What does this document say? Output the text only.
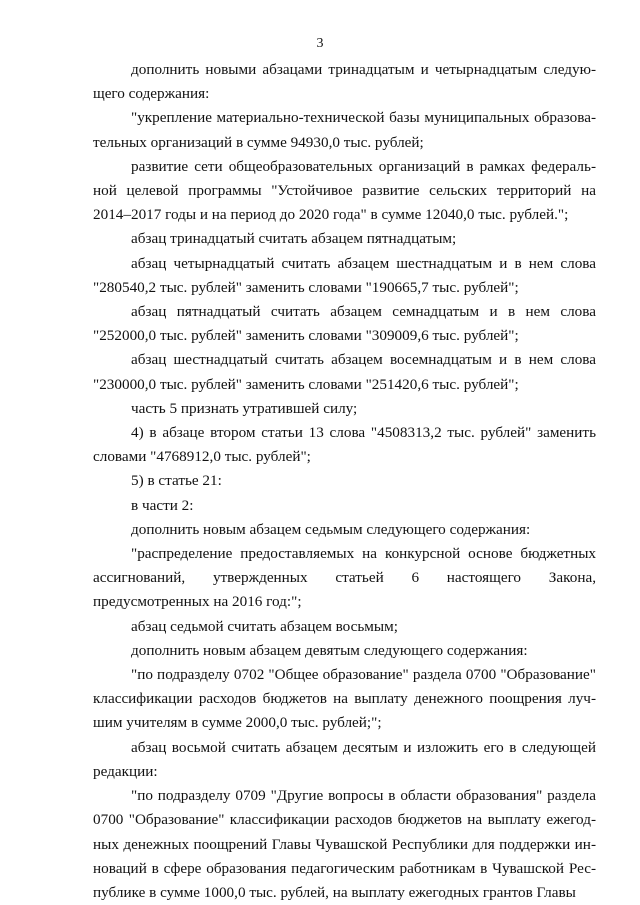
3

дополнить новыми абзацами тринадцатым и четырнадцатым следующего содержания:

"укрепление материально-технической базы муниципальных образовательных организаций в сумме 94930,0 тыс. рублей;

развитие сети общеобразовательных организаций в рамках федеральной целевой программы "Устойчивое развитие сельских территорий на 2014–2017 годы и на период до 2020 года" в сумме 12040,0 тыс. рублей.";

абзац тринадцатый считать абзацем пятнадцатым;

абзац четырнадцатый считать абзацем шестнадцатым и в нем слова "280540,2 тыс. рублей" заменить словами "190665,7 тыс. рублей";

абзац пятнадцатый считать абзацем семнадцатым и в нем слова "252000,0 тыс. рублей" заменить словами "309009,6 тыс. рублей";

абзац шестнадцатый считать абзацем восемнадцатым и в нем слова "230000,0 тыс. рублей" заменить словами "251420,6 тыс. рублей";

часть 5 признать утратившей силу;

4) в абзаце втором статьи 13 слова "4508313,2 тыс. рублей" заменить словами "4768912,0 тыс. рублей";

5) в статье 21:

в части 2:

дополнить новым абзацем седьмым следующего содержания:

"распределение предоставляемых на конкурсной основе бюджетных ассигнований, утвержденных статьей 6 настоящего Закона, предусмотренных на 2016 год:";

абзац седьмой считать абзацем восьмым;

дополнить новым абзацем девятым следующего содержания:

"по подразделу 0702 "Общее образование" раздела 0700 "Образование" классификации расходов бюджетов на выплату денежного поощрения лучшим учителям в сумме 2000,0 тыс. рублей;";

абзац восьмой считать абзацем десятым и изложить его в следующей редакции:

"по подразделу 0709 "Другие вопросы в области образования" раздела 0700 "Образование" классификации расходов бюджетов на выплату ежегодных денежных поощрений Главы Чувашской Республики для поддержки инноваций в сфере образования педагогическим работникам в Чувашской Республике в сумме 1000,0 тыс. рублей, на выплату ежегодных грантов Главы
